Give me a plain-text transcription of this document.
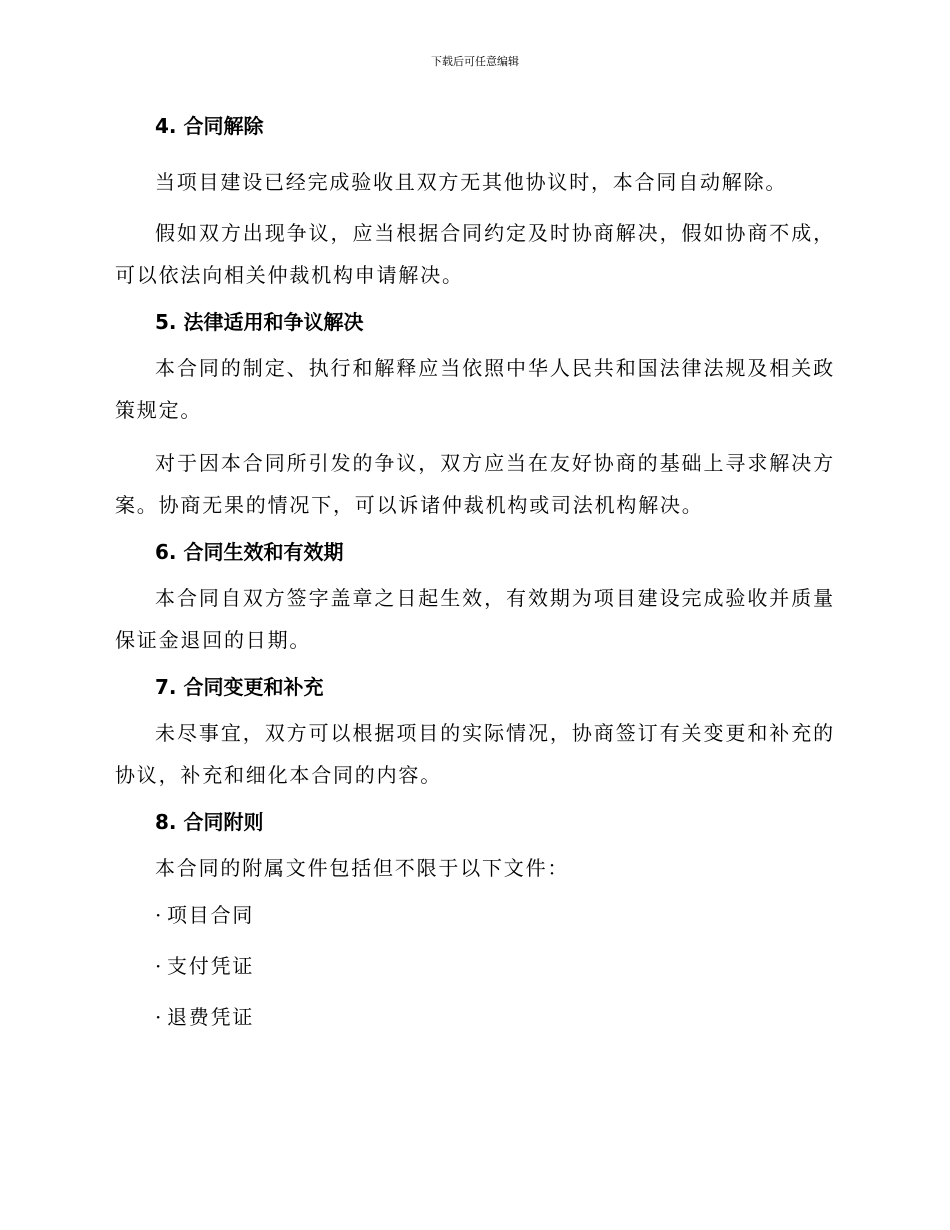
下载后可任意编辑

4. 合同解除

当项目建设已经完成验收且双方无其他协议时，本合同自动解除。

假如双方出现争议，应当根据合同约定及时协商解决，假如协商不成，可以依法向相关仲裁机构申请解决。

5. 法律适用和争议解决

本合同的制定、执行和解释应当依照中华人民共和国法律法规及相关政策规定。

对于因本合同所引发的争议，双方应当在友好协商的基础上寻求解决方案。协商无果的情况下，可以诉诸仲裁机构或司法机构解决。

6. 合同生效和有效期

本合同自双方签字盖章之日起生效，有效期为项目建设完成验收并质量保证金退回的日期。

7. 合同变更和补充

未尽事宜，双方可以根据项目的实际情况，协商签订有关变更和补充的协议，补充和细化本合同的内容。

8. 合同附则

本合同的附属文件包括但不限于以下文件：

· 项目合同

· 支付凭证

· 退费凭证
